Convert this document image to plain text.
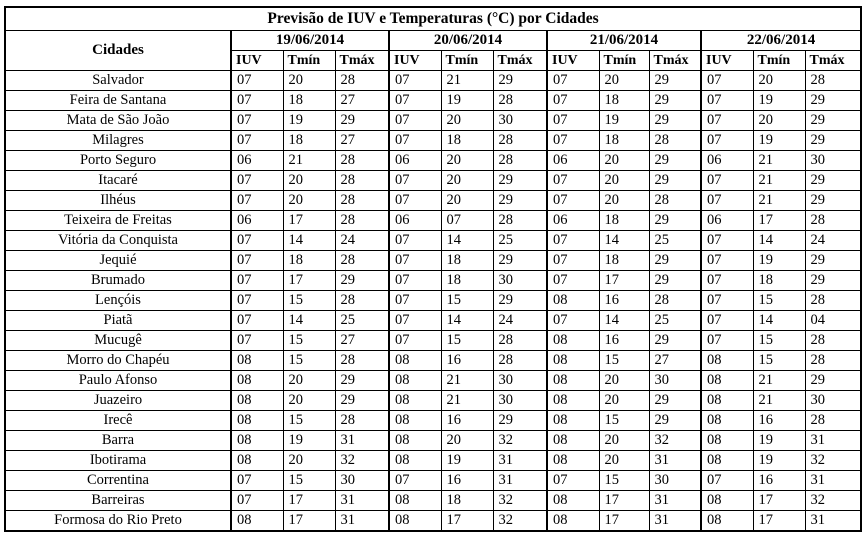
Previsão de IUV e Temperaturas (°C) por Cidades												
Cidades	19/06/2014			20/06/2014			21/06/2014			22/06/2014		
	IUV	Tmín	Tmáx	IUV	Tmín	Tmáx	IUV	Tmín	Tmáx	IUV	Tmín	Tmáx
Salvador	07	20	28	07	21	29	07	20	29	07	20	28
Feira de Santana	07	18	27	07	19	28	07	18	29	07	19	29
Mata de São João	07	19	29	07	20	30	07	19	29	07	20	29
Milagres	07	18	27	07	18	28	07	18	28	07	19	29
Porto Seguro	06	21	28	06	20	28	06	20	29	06	21	30
Itacaré	07	20	28	07	20	29	07	20	29	07	21	29
Ilhéus	07	20	28	07	20	29	07	20	28	07	21	29
Teixeira de Freitas	06	17	28	06	07	28	06	18	29	06	17	28
Vitória da Conquista	07	14	24	07	14	25	07	14	25	07	14	24
Jequié	07	18	28	07	18	29	07	18	29	07	19	29
Brumado	07	17	29	07	18	30	07	17	29	07	18	29
Lençóis	07	15	28	07	15	29	08	16	28	07	15	28
Piatã	07	14	25	07	14	24	07	14	25	07	14	04
Mucugê	07	15	27	07	15	28	08	16	29	07	15	28
Morro do Chapéu	08	15	28	08	16	28	08	15	27	08	15	28
Paulo Afonso	08	20	29	08	21	30	08	20	30	08	21	29
Juazeiro	08	20	29	08	21	30	08	20	29	08	21	30
Irecê	08	15	28	08	16	29	08	15	29	08	16	28
Barra	08	19	31	08	20	32	08	20	32	08	19	31
Ibotirama	08	20	32	08	19	31	08	20	31	08	19	32
Correntina	07	15	30	07	16	31	07	15	30	07	16	31
Barreiras	07	17	31	08	18	32	08	17	31	08	17	32
Formosa do Rio Preto	08	17	31	08	17	32	08	17	31	08	17	31
